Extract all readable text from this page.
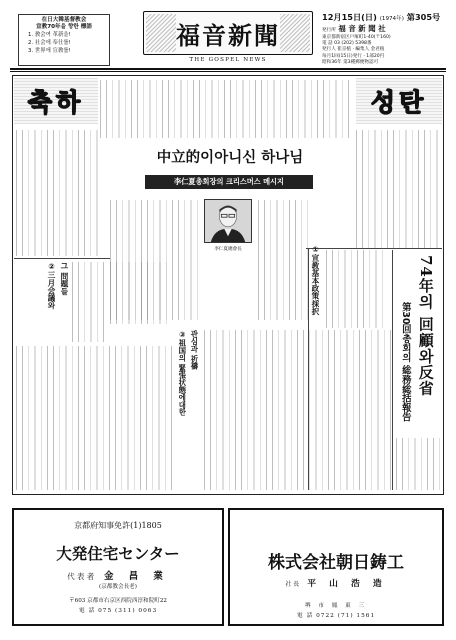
在日大韓基督教会
宣教70年을 향한 標語
1. 敎会여 革新을!
2. 社会에 奉仕를!
3. 世界에 宣敎를!
福音新聞
THE GOSPEL NEWS
12月15日(日) (1974年) 第305号
発行所 福 音 新 聞 社
東京都新宿区戸塚町1-40(〒160)
電 話 03 (202) 5398番
発行人 崔京植 · 編集人 金君植
毎月1回(15日)発行 · 1部20円
昭和36年 第3種郵便物認可
축하	성탄
中立的이아니신 하나님
李仁夏총회장의 크리스머스 메시지
李仁夏總會長
②三月会議와 그 問題들	①宣教基本政策採択
③祖国의 緊張状態에대한 관심과 祈禱	74年의 回顧와反省
第30回총회의 総務総括報告
京都府知事免許(1)1805
大発住宅センター
代 表 者 金 昌 業
(京都教会長老)
〒603 京都市右京区西院西淳和院町22
電 話 075 (311) 0063
株式会社朝日鋳工
社 長 平 山 浩 造
堺 市 鳳 東 三
電 話 0722 (71) 1561
